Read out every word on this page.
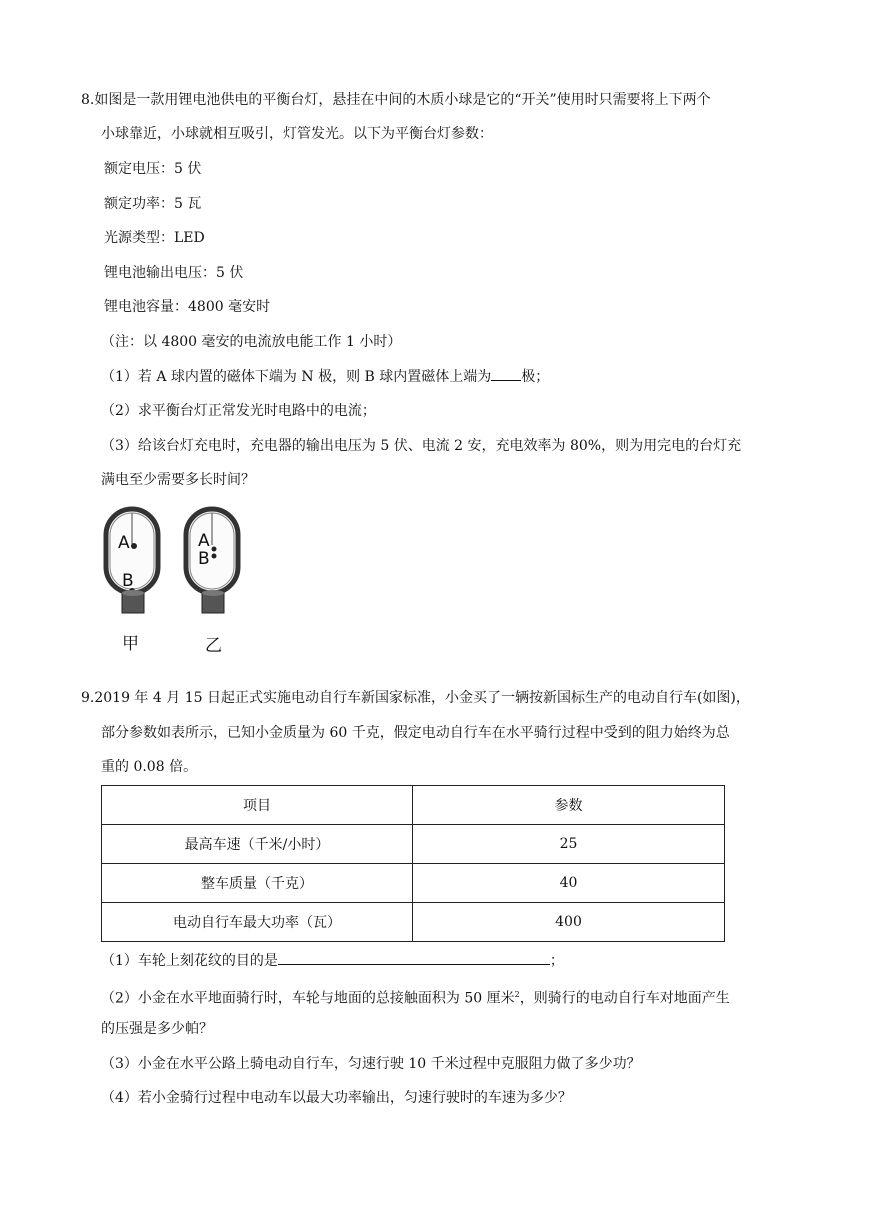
8.如图是一款用锂电池供电的平衡台灯，悬挂在中间的木质小球是它的“开关”使用时只需要将上下两个
小球靠近，小球就相互吸引，灯管发光。以下为平衡台灯参数：
额定电压：5 伏
额定功率：5 瓦
光源类型：LED
锂电池输出电压：5 伏
锂电池容量：4800 毫安时
（注：以 4800 毫安的电流放电能工作 1 小时）
（1）若 A 球内置的磁体下端为 N 极，则 B 球内置磁体上端为 极；
（2）求平衡台灯正常发光时电路中的电流；
（3）给该台灯充电时，充电器的输出电压为 5 伏、电流 2 安，充电效率为 80%，则为用完电的台灯充
满电至少需要多长时间？
A
B
甲
A
B
乙
9.2019 年 4 月 15 日起正式实施电动自行车新国家标准，小金买了一辆按新国标生产的电动自行车(如图)，
部分参数如表所示，已知小金质量为 60 千克，假定电动自行车在水平骑行过程中受到的阻力始终为总
重的 0.08 倍。
项目	参数
最高车速（千米/小时）	25
整车质量（千克）	40
电动自行车最大功率（瓦）	400
（1）车轮上刻花纹的目的是	；
（2）小金在水平地面骑行时，车轮与地面的总接触面积为 50 厘米$^2$，则骑行的电动自行车对地面产生
的压强是多少帕？
（3）小金在水平公路上骑电动自行车，匀速行驶 10 千米过程中克服阻力做了多少功？
（4）若小金骑行过程中电动车以最大功率输出，匀速行驶时的车速为多少？
